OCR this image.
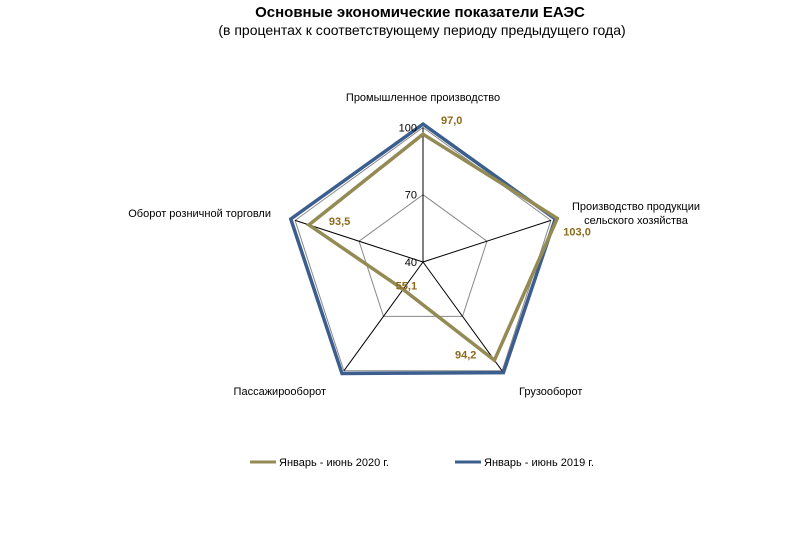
Основные экономические показатели ЕАЭС
(в процентах к соответствующему периоду предыдущего года)
40
70
100
Промышленное производство
Производство продукции
сельского хозяйства
Грузооборот
Пассажирооборот
Оборот розничной торговли
97,0
103,0
94,2
55,1
93,5
Январь - июнь 2020 г.	Январь - июнь 2019 г.
